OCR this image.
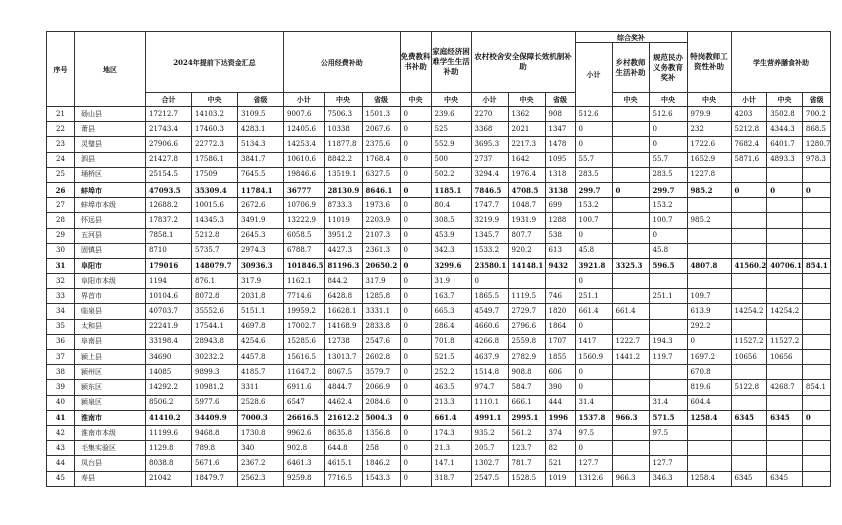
序号	地区	2024年提前下达资金汇总			公用经费补助			免费教科书补助	家庭经济困难学生生活补助	农村校舍安全保障长效机制补助			综合奖补			特岗教师工资性补助	学生营养膳食补助		
													小计	乡村教师生活补助	规范民办义务教育奖补				
		合计	中央	省级	小计	中央	省级	中央	中央	小计	中央	省级		中央	中央	中央	小计	中央	省级
21	砀山县	17212.7	14103.2	3109.5	9007.6	7506.3	1501.3	0	239.6	2270	1362	908	512.6		512.6	979.9	4203	3502.8	700.2
22	萧县	21743.4	17460.3	4283.1	12405.6	10338	2067.6	0	525	3368	2021	1347	0		0	232	5212.8	4344.3	868.5
23	灵璧县	27906.6	22772.3	5134.3	14253.4	11877.8	2375.6	0	552.9	3695.3	2217.3	1478	0		0	1722.6	7682.4	6401.7	1280.7
24	泗县	21427.8	17586.1	3841.7	10610.6	8842.2	1768.4	0	500	2737	1642	1095	55.7		55.7	1652.9	5871.6	4893.3	978.3
25	埇桥区	25154.5	17509	7645.5	19846.6	13519.1	6327.5	0	502.2	3294.4	1976.4	1318	283.5		283.5	1227.8			
26	蚌埠市	47093.5	35309.4	11784.1	36777	28130.9	8646.1	0	1185.1	7846.5	4708.5	3138	299.7	0	299.7	985.2	0	0	0
27	蚌埠市本级	12688.2	10015.6	2672.6	10706.9	8733.3	1973.6	0	80.4	1747.7	1048.7	699	153.2		153.2				
28	怀远县	17837.2	14345.3	3491.9	13222.9	11019	2203.9	0	308.5	3219.9	1931.9	1288	100.7		100.7	985.2			
29	五河县	7858.1	5212.8	2645.3	6058.5	3951.2	2107.3	0	453.9	1345.7	807.7	538	0		0				
30	固镇县	8710	5735.7	2974.3	6788.7	4427.3	2361.3	0	342.3	1533.2	920.2	613	45.8		45.8				
31	阜阳市	179016	148079.7	30936.3	101846.5	81196.3	20650.2	0	3299.6	23580.1	14148.1	9432	3921.8	3325.3	596.5	4807.8	41560.2	40706.1	854.1
32	阜阳市本级	1194	876.1	317.9	1162.1	844.2	317.9	0	31.9	0			0						
33	界首市	10104.6	8072.8	2031.8	7714.6	6428.8	1285.8	0	163.7	1865.5	1119.5	746	251.1		251.1	109.7			
34	临泉县	40703.7	35552.6	5151.1	19959.2	16628.1	3331.1	0	665.3	4549.7	2729.7	1820	661.4	661.4		613.9	14254.2	14254.2	
35	太和县	22241.9	17544.1	4697.8	17002.7	14168.9	2833.8	0	286.4	4660.6	2796.6	1864	0			292.2			
36	阜南县	33198.4	28943.8	4254.6	15285.6	12738	2547.6	0	701.8	4266.8	2559.8	1707	1417	1222.7	194.3	0	11527.2	11527.2	
37	颍上县	34690	30232.2	4457.8	15616.5	13013.7	2602.8	0	521.5	4637.9	2782.9	1855	1560.9	1441.2	119.7	1697.2	10656	10656	
38	颍州区	14085	9899.3	4185.7	11647.2	8067.5	3579.7	0	252.2	1514.8	908.8	606	0			670.8			
39	颍东区	14292.2	10981.2	3311	6911.6	4844.7	2066.9	0	463.5	974.7	584.7	390	0			819.6	5122.8	4268.7	854.1
40	颍泉区	8506.2	5977.6	2528.6	6547	4462.4	2084.6	0	213.3	1110.1	666.1	444	31.4		31.4	604.4			
41	淮南市	41410.2	34409.9	7000.3	26616.5	21612.2	5004.3	0	661.4	4991.1	2995.1	1996	1537.8	966.3	571.5	1258.4	6345	6345	0
42	淮南市本级	11199.6	9468.8	1730.8	9962.6	8635.8	1356.8	0	174.3	935.2	561.2	374	97.5		97.5				
43	毛集实验区	1129.8	789.8	340	902.8	644.8	258	0	21.3	205.7	123.7	82	0						
44	凤台县	8038.8	5671.6	2367.2	6461.3	4615.1	1846.2	0	147.1	1302.7	781.7	521	127.7		127.7				
45	寿县	21042	18479.7	2562.3	9259.8	7716.5	1543.3	0	318.7	2547.5	1528.5	1019	1312.6	966.3	346.3	1258.4	6345	6345	
